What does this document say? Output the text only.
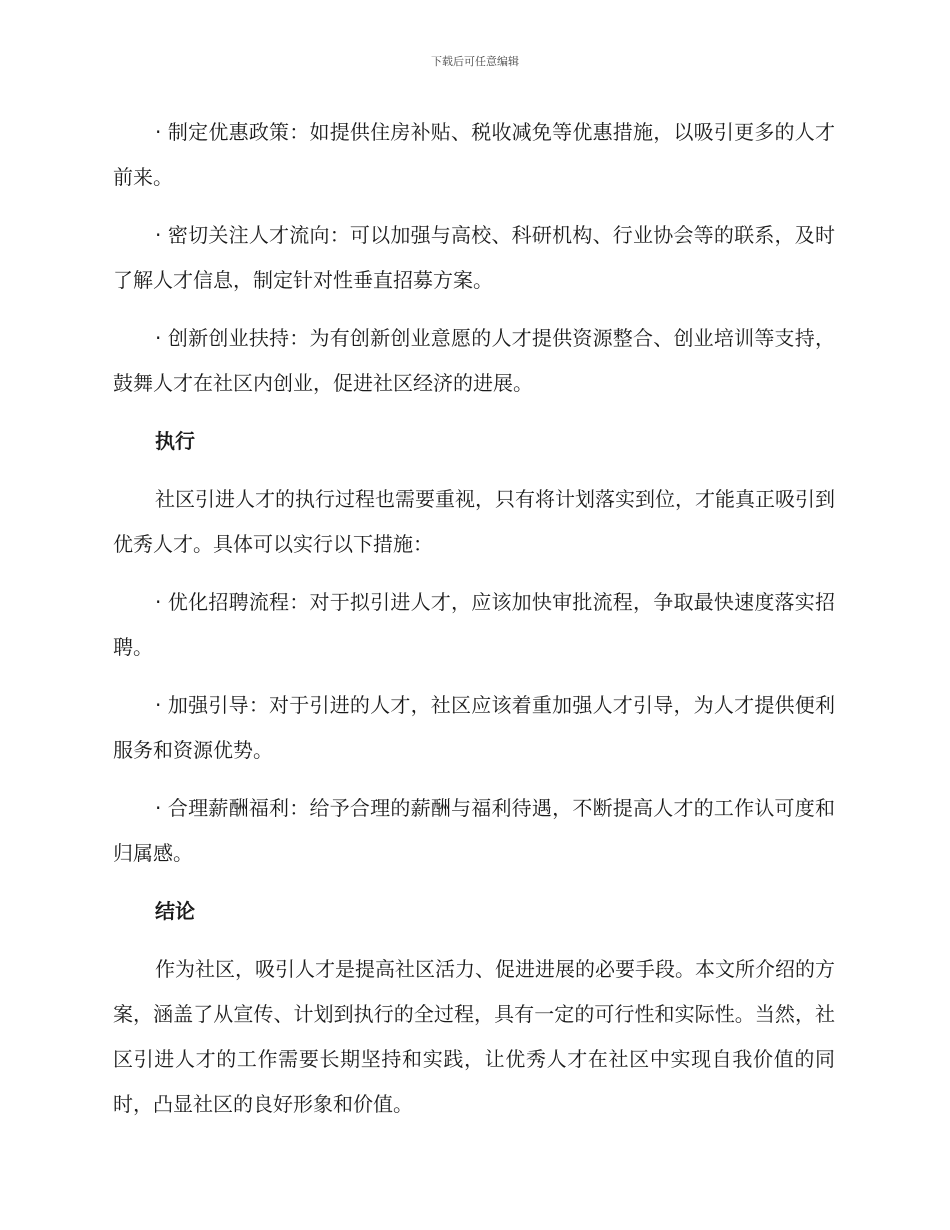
下载后可任意编辑

· 制定优惠政策：如提供住房补贴、税收减免等优惠措施，以吸引更多的人才前来。

· 密切关注人才流向：可以加强与高校、科研机构、行业协会等的联系，及时了解人才信息，制定针对性垂直招募方案。

· 创新创业扶持：为有创新创业意愿的人才提供资源整合、创业培训等支持，鼓舞人才在社区内创业，促进社区经济的进展。

执行

社区引进人才的执行过程也需要重视，只有将计划落实到位，才能真正吸引到优秀人才。具体可以实行以下措施：

· 优化招聘流程：对于拟引进人才，应该加快审批流程，争取最快速度落实招聘。

· 加强引导：对于引进的人才，社区应该着重加强人才引导，为人才提供便利服务和资源优势。

· 合理薪酬福利：给予合理的薪酬与福利待遇，不断提高人才的工作认可度和归属感。

结论

作为社区，吸引人才是提高社区活力、促进进展的必要手段。本文所介绍的方案，涵盖了从宣传、计划到执行的全过程，具有一定的可行性和实际性。当然，社区引进人才的工作需要长期坚持和实践，让优秀人才在社区中实现自我价值的同时，凸显社区的良好形象和价值。
